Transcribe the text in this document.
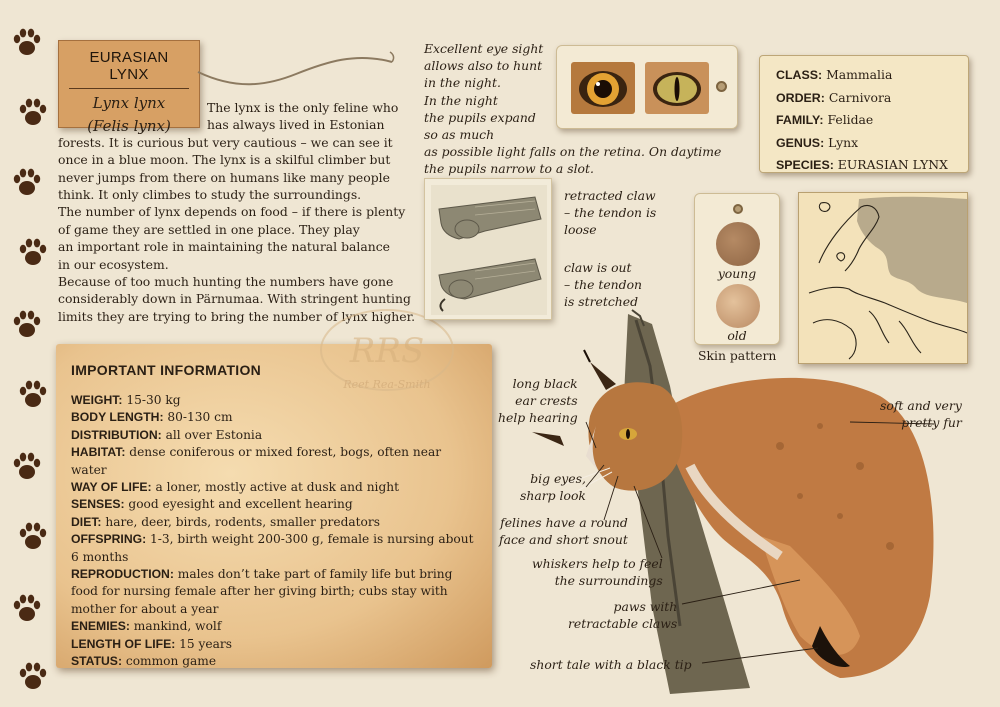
EURASIAN LYNX
Lynx lynx
(Felis lynx)
The lynx is the only feline who
has always lived in Estonian
forests. It is curious but very cautious – we can see it
once in a blue moon. The lynx is a skilful climber but
never jumps from there on humans like many people
think. It only climbes to study the surroundings.
The number of lynx depends on food – if there is plenty
of game they are settled in one place. They play
an important role in maintaining the natural balance
in our ecosystem.
Because of too much hunting the numbers have gone
considerably down in Pärnumaa. With stringent hunting
limits they are trying to bring the number of lynx higher.
IMPORTANT INFORMATION
WEIGHT: 15-30 kg
BODY LENGTH: 80-130 cm
DISTRIBUTION: all over Estonia
HABITAT: dense coniferous or mixed forest, bogs, often near water
WAY OF LIFE: a loner, mostly active at dusk and night
SENSES: good eyesight and excellent hearing
DIET: hare, deer, birds, rodents, smaller predators
OFFSPRING: 1-3, birth weight 200-300 g, female is nursing about 6 months
REPRODUCTION: males don’t take part of family life but bring food for nursing female after her giving birth; cubs stay with mother for about a year
ENEMIES: mankind, wolf
LENGTH OF LIFE: 15 years
STATUS: common game
RRS
Reet Rea-Smith
Excellent eye sight
allows also to hunt
in the night.
In the night
the pupils expand
so as much
as possible light falls on the retina. On daytime
the pupils narrow to a slot.
retracted claw
– the tendon is
loose
claw is out
– the tendon
is stretched
CLASS: Mammalia
ORDER: Carnivora
FAMILY: Felidae
GENUS: Lynx
SPECIES: EURASIAN LYNX
young
old
Skin pattern
long black
ear crests
help hearing
big eyes,
sharp look
felines have a round
face and short snout
whiskers help to feel
the surroundings
paws with
retractable claws
short tale with a black tip
soft and very
pretty fur
